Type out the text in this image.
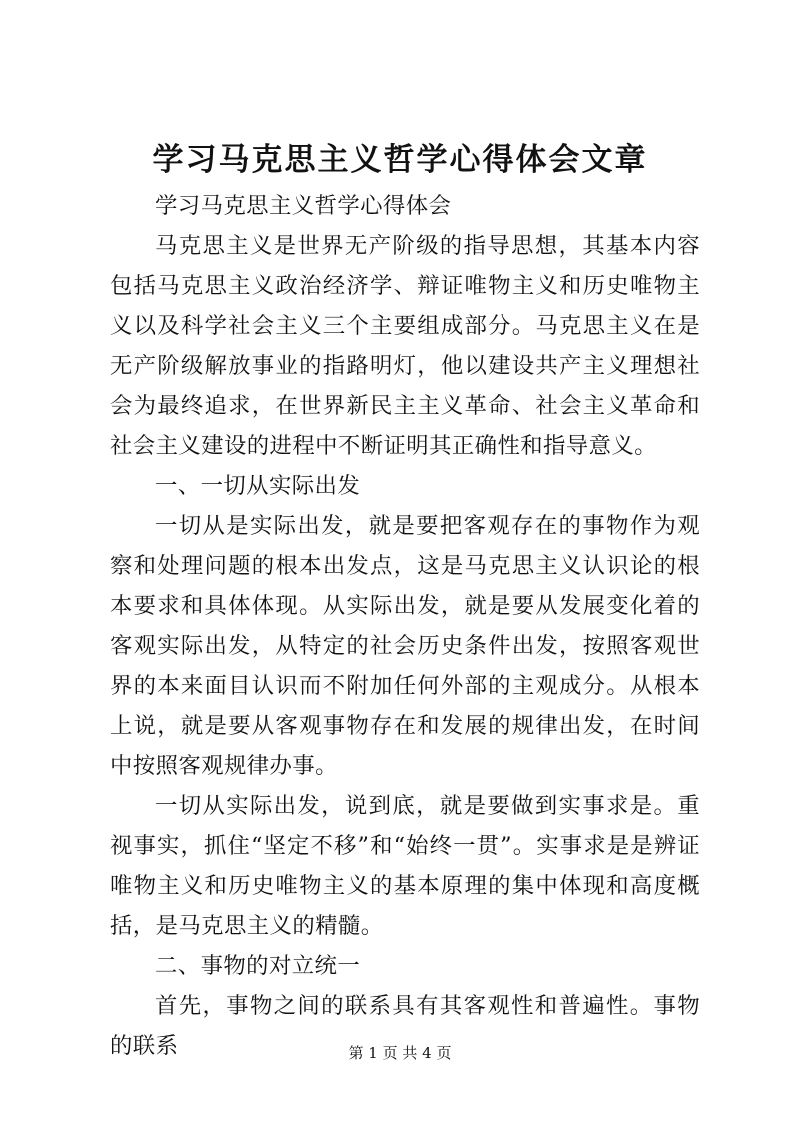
学习马克思主义哲学心得体会文章

学习马克思主义哲学心得体会

马克思主义是世界无产阶级的指导思想，其基本内容包括马克思主义政治经济学、辩证唯物主义和历史唯物主义以及科学社会主义三个主要组成部分。马克思主义在是无产阶级解放事业的指路明灯，他以建设共产主义理想社会为最终追求，在世界新民主主义革命、社会主义革命和社会主义建设的进程中不断证明其正确性和指导意义。

一、一切从实际出发

一切从是实际出发，就是要把客观存在的事物作为观察和处理问题的根本出发点，这是马克思主义认识论的根本要求和具体体现。从实际出发，就是要从发展变化着的客观实际出发，从特定的社会历史条件出发，按照客观世界的本来面目认识而不附加任何外部的主观成分。从根本上说，就是要从客观事物存在和发展的规律出发，在时间中按照客观规律办事。

一切从实际出发，说到底，就是要做到实事求是。重视事实，抓住“坚定不移”和“始终一贯”。实事求是是辨证唯物主义和历史唯物主义的基本原理的集中体现和高度概括，是马克思主义的精髓。

二、事物的对立统一

首先，事物之间的联系具有其客观性和普遍性。事物的联系	第 1 页 共 4 页
